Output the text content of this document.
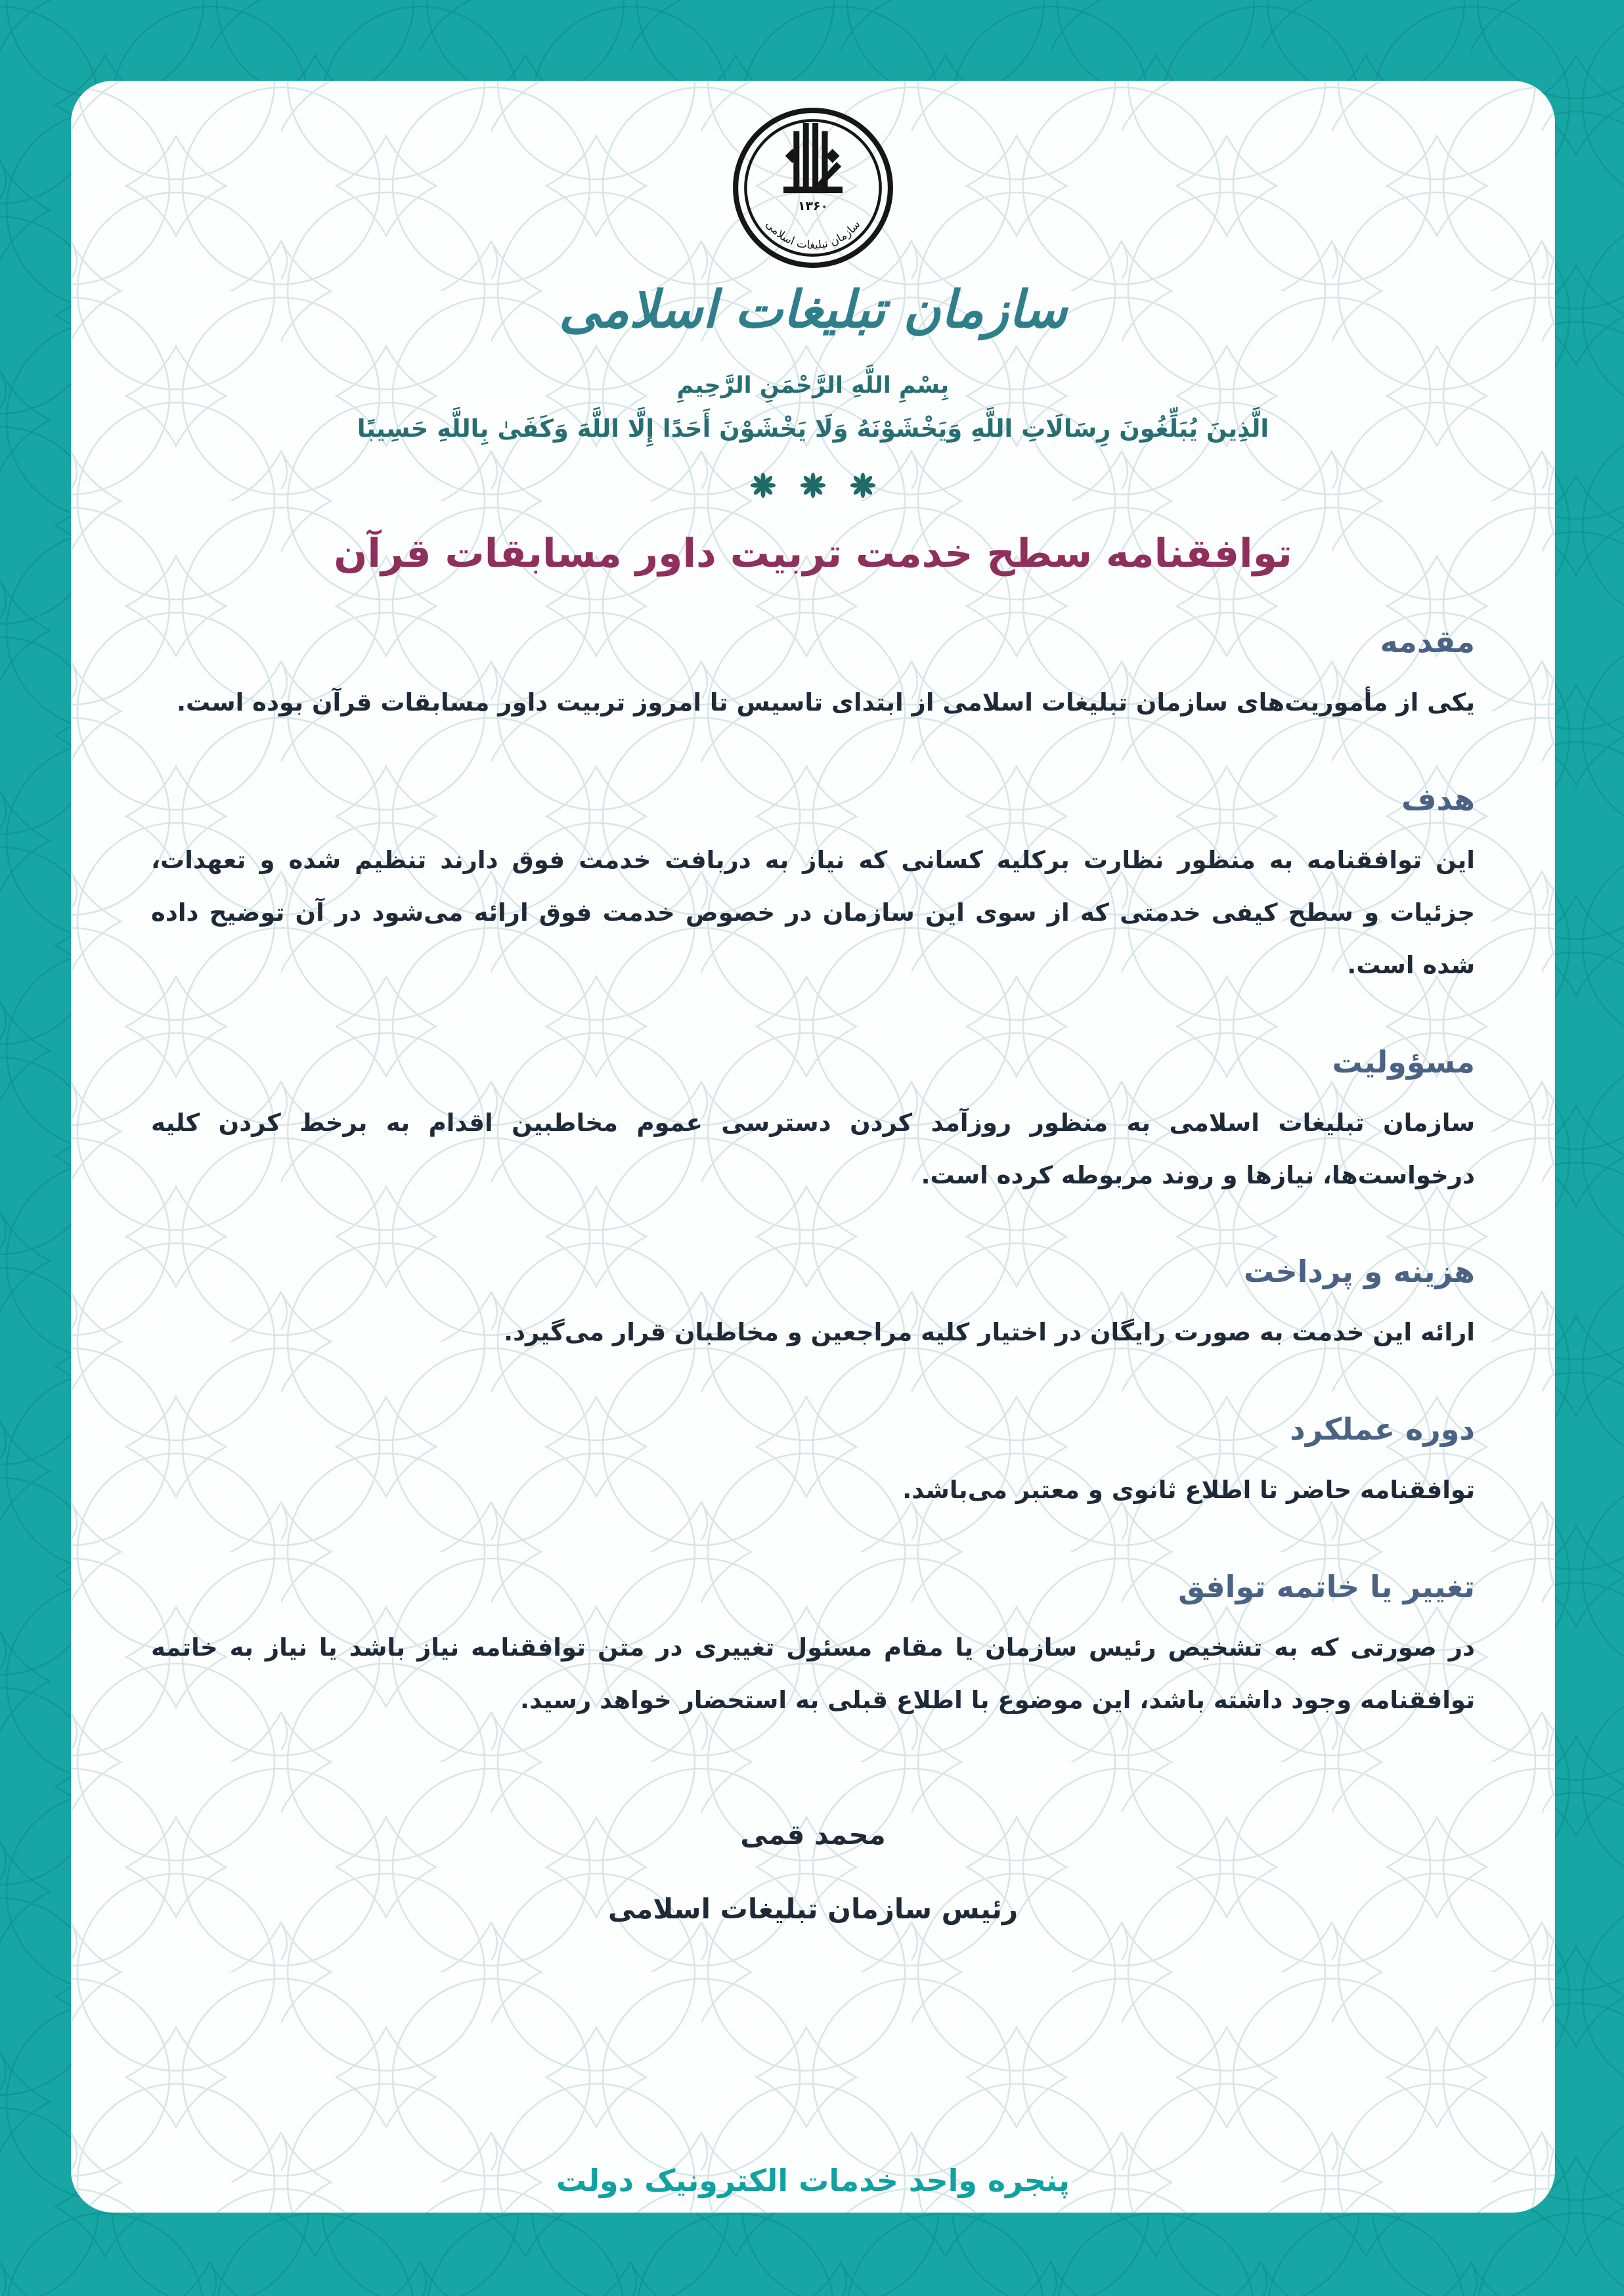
۱۳۶۰
سازمان تبلیغات اسلامی
سازمان تبلیغات اسلامی
بِسْمِ اللَّهِ الرَّحْمَنِ الرَّحِيمِ
الَّذِينَ يُبَلِّغُونَ رِسَالَاتِ اللَّهِ وَيَخْشَوْنَهُ وَلَا يَخْشَوْنَ أَحَدًا إِلَّا اللَّهَ وَكَفَىٰ بِاللَّهِ حَسِيبًا
توافقنامه سطح خدمت تربیت داور مسابقات قرآن
مقدمه

یکی از مأموریت‌های سازمان تبلیغات اسلامی از ابتدای تاسیس تا امروز تربیت داور مسابقات قرآن بوده است.

هدف

این توافقنامه به منظور نظارت برکلیه کسانی که نیاز به دربافت خدمت فوق دارند تنظیم شده و تعهدات، جزئیات و سطح کیفی خدمتی که از سوی این سازمان در خصوص خدمت فوق ارائه می‌شود در آن توضیح داده شده است.

مسؤولیت

سازمان تبلیغات اسلامی به منظور روزآمد کردن دسترسی عموم مخاطبین اقدام به برخط کردن کلیه درخواست‌ها، نیازها و روند مربوطه کرده است.

هزینه و پرداخت

ارائه این خدمت به صورت رایگان در اختیار کلیه مراجعین و مخاطبان قرار می‌گیرد.

دوره عملکرد

توافقنامه حاضر تا اطلاع ثانوی و معتبر می‌باشد.

تغییر یا خاتمه توافق

در صورتی که به تشخیص رئیس سازمان یا مقام مسئول تغییری در متن توافقنامه نیاز باشد یا نیاز به خاتمه توافقنامه وجود داشته باشد، این موضوع با اطلاع قبلی به استحضار خواهد رسید.

محمد قمی
رئیس سازمان تبلیغات اسلامی
پنجره واحد خدمات الکترونیک دولت
